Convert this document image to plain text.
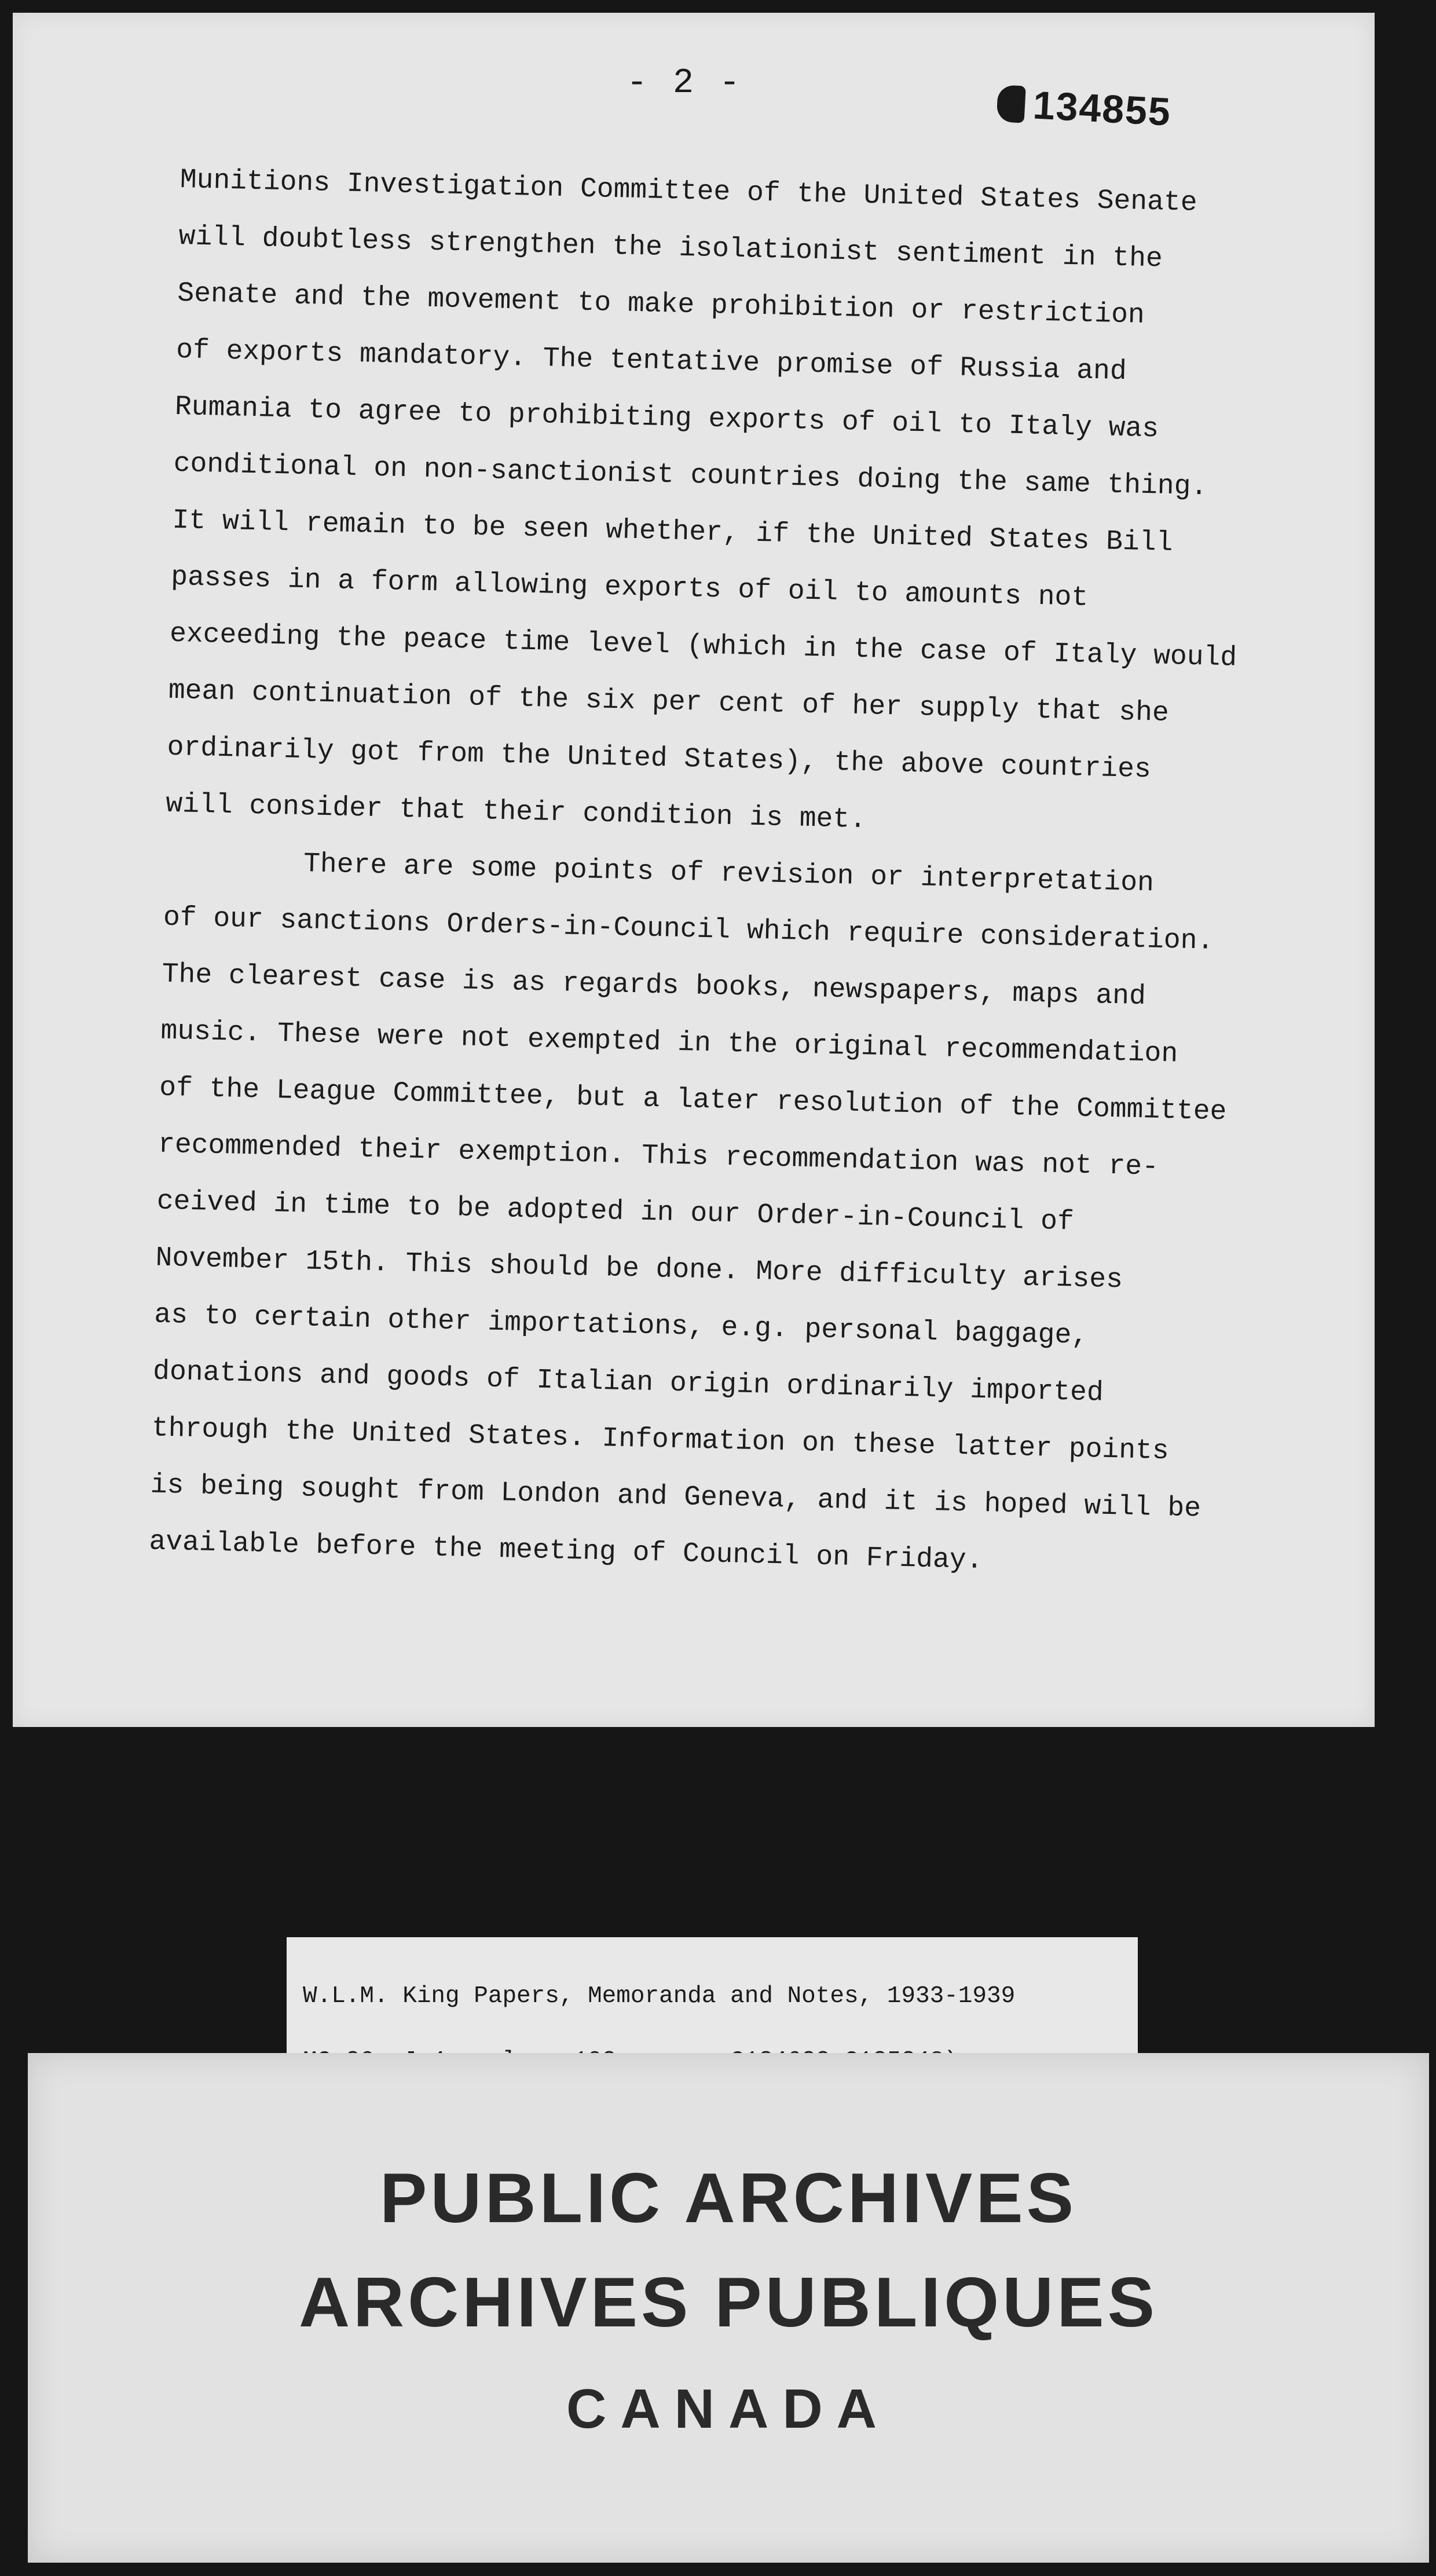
- 2 -	134855

Munitions Investigation Committee of the United States Senate
will doubtless strengthen the isolationist sentiment in the
Senate and the movement to make prohibition or restriction
of exports mandatory. The tentative promise of Russia and
Rumania to agree to prohibiting exports of oil to Italy was
conditional on non-sanctionist countries doing the same thing.
It will remain to be seen whether, if the United States Bill
passes in a form allowing exports of oil to amounts not
exceeding the peace time level (which in the case of Italy would
mean continuation of the six per cent of her supply that she
ordinarily got from the United States), the above countries
will consider that their condition is met.

There are some points of revision or interpretation
of our sanctions Orders-in-Council which require consideration.
The clearest case is as regards books, newspapers, maps and
music. These were not exempted in the original recommendation
of the League Committee, but a later resolution of the Committee
recommended their exemption. This recommendation was not re-
ceived in time to be adopted in our Order-in-Council of
November 15th. This should be done. More difficulty arises
as to certain other importations, e.g. personal baggage,
donations and goods of Italian origin ordinarily imported
through the United States. Information on these latter points
is being sought from London and Geneva, and it is hoped will be
available before the meeting of Council on Friday.

W.L.M. King Papers, Memoranda and Notes, 1933-1939

PUBLIC ARCHIVES
ARCHIVES PUBLIQUES
CANADA
